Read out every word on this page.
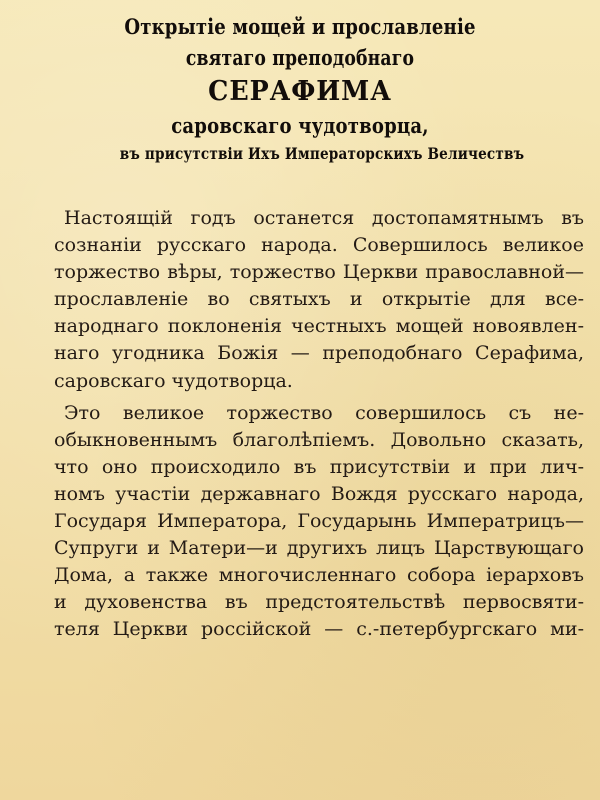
Открытіе мощей и прославленіе
святаго преподобнаго
СЕРАФИМА
саровскаго чудотворца,
въ присутствіи Ихъ Императорскихъ Величествъ
Настоящій годъ останется достопамятнымъ въ
сознаніи русскаго народа. Совершилось великое
торжество вѣры, торжество Церкви православной—
прославленіе во святыхъ и открытіе для все-
народнаго поклоненія честныхъ мощей новоявлен-
наго угодника Божія — преподобнаго Серафима,
саровскаго чудотворца.
Это великое торжество совершилось съ не-
обыкновеннымъ благолѣпіемъ. Довольно сказать,
что оно происходило въ присутствіи и при лич-
номъ участіи державнаго Вождя русскаго народа,
Государя Императора, Государынь Императрицъ—
Супруги и Матери—и другихъ лицъ Царствующаго
Дома, а также многочисленнаго собора іерарховъ
и духовенства въ предстоятельствѣ первосвяти-
теля Церкви россійской — с.-петербургскаго ми-
